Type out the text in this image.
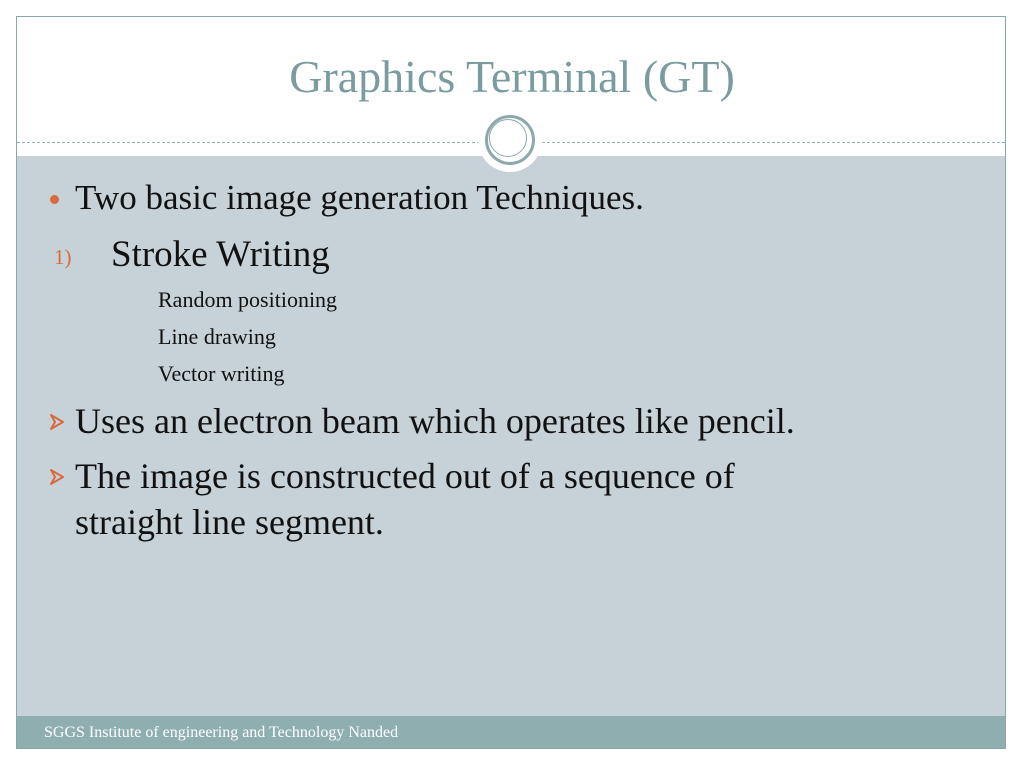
Graphics Terminal (GT)
Two basic image generation Techniques.
1) Stroke Writing
Random positioning
Line drawing
Vector writing
Uses an electron beam which operates like pencil.
The image is constructed out of a sequence of
straight line segment.
SGGS Institute of engineering and Technology Nanded
